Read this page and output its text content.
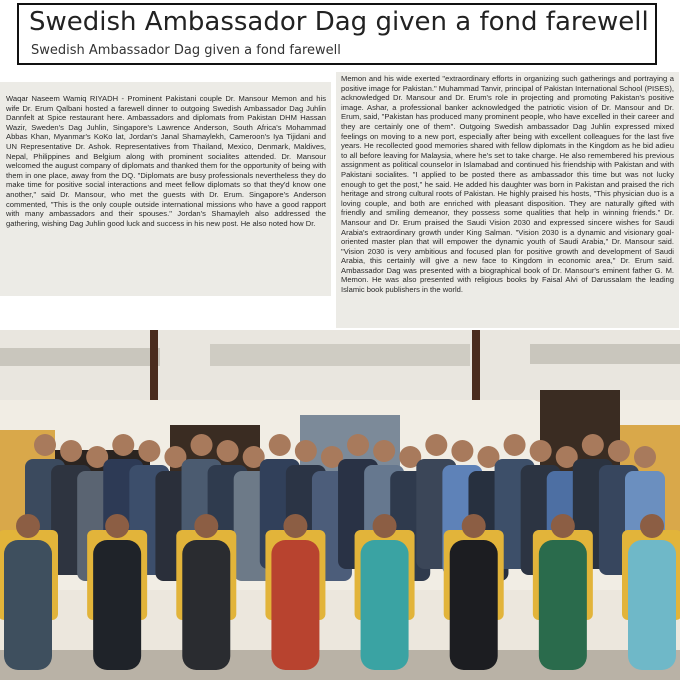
Swedish Ambassador Dag given a fond farewell
Swedish Ambassador Dag given a fond farewell
Waqar Naseem Wamiq RIYADH - Prominent Pakistani couple Dr. Mansour Memon and his wife Dr. Erum Qalbani hosted a farewell dinner to outgoing Swedish Ambassador Dag Juhlin Dannfelt at Spice restaurant here. Ambassadors and diplomats from Pakistan DHM Hassan Wazir, Sweden's Dag Juhlin, Singapore's Lawrence Anderson, South Africa's Mohammad Abbas Khan, Myanmar's KoKo lat, Jordan's Janal Shamaylekh, Cameroon's Iya Tijidani and UN Representative Dr. Ashok. Representatives from Thailand, Mexico, Denmark, Maldives, Nepal, Philippines and Belgium along with prominent socialites attended. Dr. Mansour welcomed the august company of diplomats and thanked them for the opportunity of being with them in one place, away from the DQ. "Diplomats are busy professionals nevertheless they do make time for positive social interactions and meet fellow diplomats so that they'd know one another," said Dr. Mansour, who met the guests with Dr. Erum. Singapore's Anderson commented, "This is the only couple outside international missions who have a good rapport with many ambassadors and their spouses." Jordan's Shamayleh also addressed the gathering, wishing Dag Juhlin good luck and success in his new post. He also noted how Dr.
Memon and his wide exerted "extraordinary efforts in organizing such gatherings and portraying a positive image for Pakistan." Muhammad Tanvir, principal of Pakistan International School (PISES), acknowledged Dr. Mansour and Dr. Erum's role in projecting and promoting Pakistan's positive image. Ashar, a professional banker acknowledged the patriotic vision of Dr. Mansour and Dr. Erum, said, "Pakistan has produced many prominent people, who have excelled in their career and they are certainly one of them". Outgoing Swedish ambassador Dag Juhlin expressed mixed feelings on moving to a new port, especially after being with excellent colleagues for the last five years. He recollected good memories shared with fellow diplomats in the Kingdom as he bid adieu to all before leaving for Malaysia, where he's set to take charge. He also remembered his previous assignment as political counselor in Islamabad and continued his friendship with Pakistan and with Pakistani socialites. "I applied to be posted there as ambassador this time but was not lucky enough to get the post," he said. He added his daughter was born in Pakistan and praised the rich heritage and strong cultural roots of Pakistan. He highly praised his hosts, "This physician duo is a loving couple, and both are enriched with pleasant disposition. They are naturally gifted with friendly and smiling demeanor, they possess some qualities that help in winning friends." Dr. Mansour and Dr. Erum praised the Saudi Vision 2030 and expressed sincere wishes for Saudi Arabia's extraordinary growth under King Salman. "Vision 2030 is a dynamic and visionary goal-oriented master plan that will empower the dynamic youth of Saudi Arabia," Dr. Mansour said. "Vision 2030 is very ambitious and focused plan for positive growth and development of Saudi Arabia, this certainly will give a new face to Kingdom in economic area," Dr. Erum said. Ambassador Dag was presented with a biographical book of Dr. Mansour's eminent father G. M. Memon. He was also presented with religious books by Faisal Alvi of Darussalam the leading Islamic book publishers in the world.
